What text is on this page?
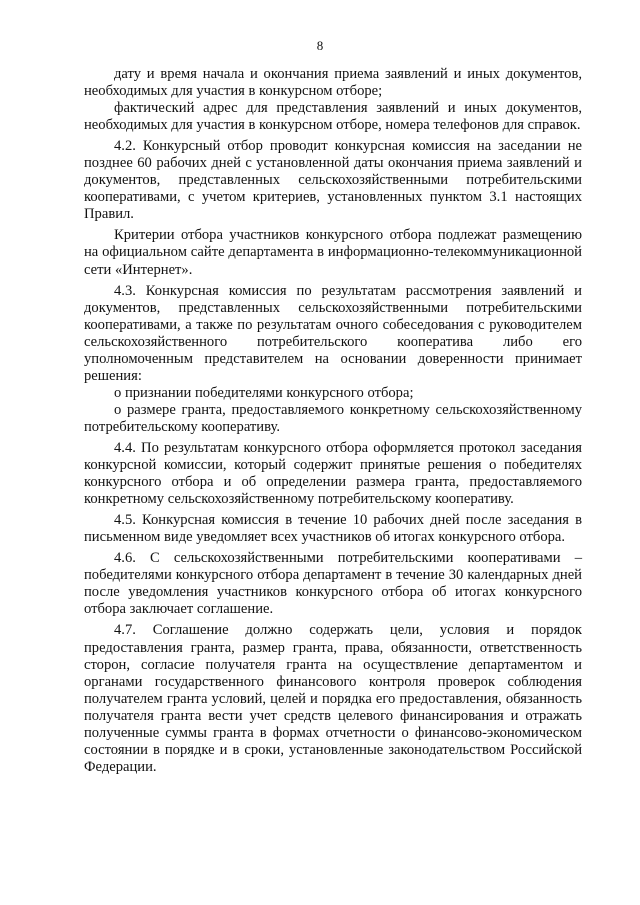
8

дату и время начала и окончания приема заявлений и иных документов, необходимых для участия в конкурсном отборе;

фактический адрес для представления заявлений и иных документов, необходимых для участия в конкурсном отборе, номера телефонов для справок.

4.2. Конкурсный отбор проводит конкурсная комиссия на заседании не позднее 60 рабочих дней с установленной даты окончания приема заявлений и документов, представленных сельскохозяйственными потребительскими кооперативами, с учетом критериев, установленных пунктом 3.1 настоящих Правил.

Критерии отбора участников конкурсного отбора подлежат размещению на официальном сайте департамента в информационно-телекоммуникационной сети «Интернет».

4.3. Конкурсная комиссия по результатам рассмотрения заявлений и документов, представленных сельскохозяйственными потребительскими кооперативами, а также по результатам очного собеседования с руководителем сельскохозяйственного потребительского кооператива либо его уполномоченным представителем на основании доверенности принимает решения:

о признании победителями конкурсного отбора;

о размере гранта, предоставляемого конкретному сельскохозяйственному потребительскому кооперативу.

4.4. По результатам конкурсного отбора оформляется протокол заседания конкурсной комиссии, который содержит принятые решения о победителях конкурсного отбора и об определении размера гранта, предоставляемого конкретному сельскохозяйственному потребительскому кооперативу.

4.5. Конкурсная комиссия в течение 10 рабочих дней после заседания в письменном виде уведомляет всех участников об итогах конкурсного отбора.

4.6. С сельскохозяйственными потребительскими кооперативами – победителями конкурсного отбора департамент в течение 30 календарных дней после уведомления участников конкурсного отбора об итогах конкурсного отбора заключает соглашение.

4.7. Соглашение должно содержать цели, условия и порядок предоставления гранта, размер гранта, права, обязанности, ответственность сторон, согласие получателя гранта на осуществление департаментом и органами государственного финансового контроля проверок соблюдения получателем гранта условий, целей и порядка его предоставления, обязанность получателя гранта вести учет средств целевого финансирования и отражать полученные суммы гранта в формах отчетности о финансово-экономическом состоянии в порядке и в сроки, установленные законодательством Российской Федерации.
